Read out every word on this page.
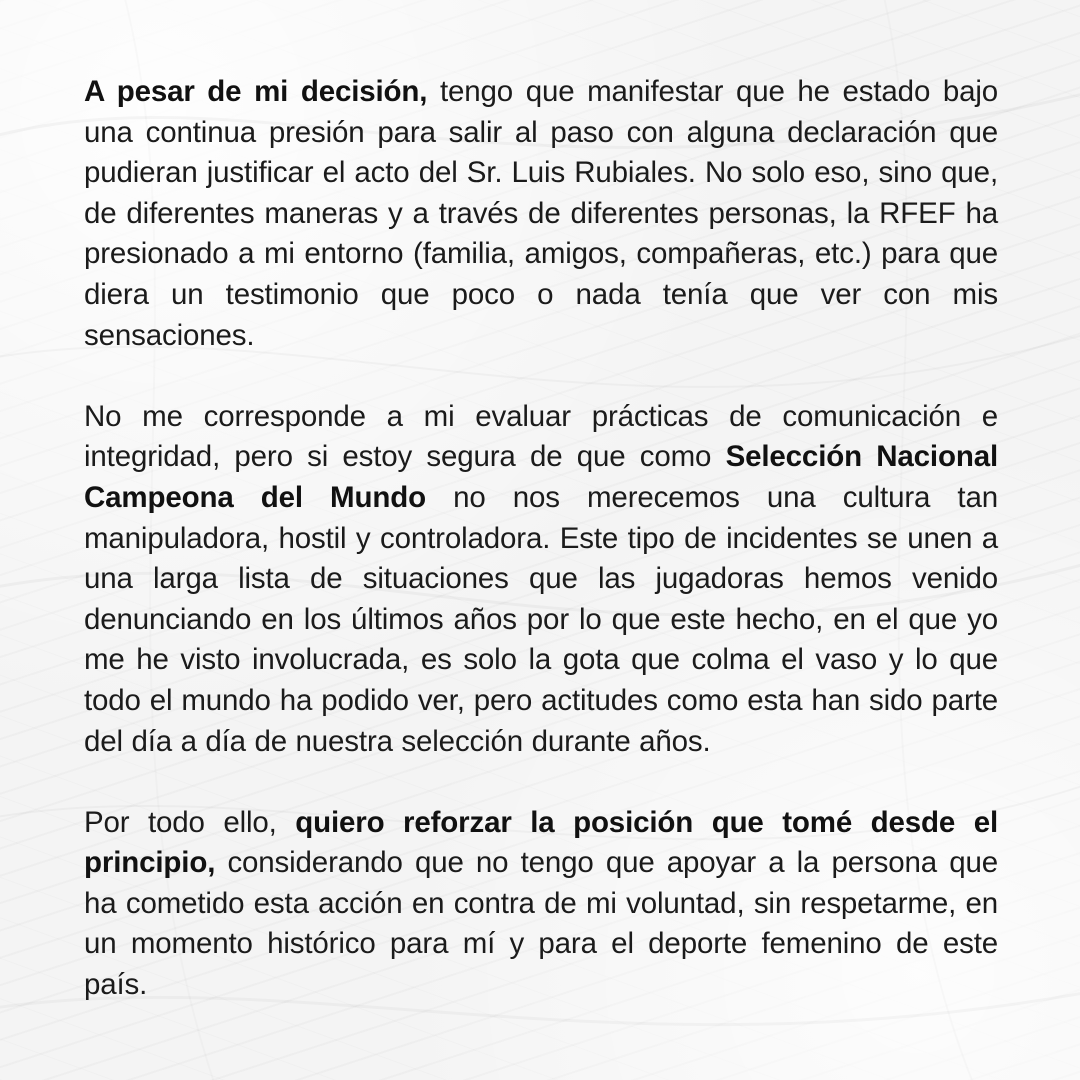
A pesar de mi decisión, tengo que manifestar que he estado bajo una continua presión para salir al paso con alguna declaración que pudieran justificar el acto del Sr. Luis Rubiales. No solo eso, sino que, de diferentes maneras y a través de diferentes personas, la RFEF ha presionado a mi entorno (familia, amigos, compañeras, etc.) para que diera un testimonio que poco o nada tenía que ver con mis sensaciones.

No me corresponde a mi evaluar prácticas de comunicación e integridad, pero si estoy segura de que como Selección Nacional Campeona del Mundo no nos merecemos una cultura tan manipuladora, hostil y controladora. Este tipo de incidentes se unen a una larga lista de situaciones que las jugadoras hemos venido denunciando en los últimos años por lo que este hecho, en el que yo me he visto involucrada, es solo la gota que colma el vaso y lo que todo el mundo ha podido ver, pero actitudes como esta han sido parte del día a día de nuestra selección durante años.

Por todo ello, quiero reforzar la posición que tomé desde el principio, considerando que no tengo que apoyar a la persona que ha cometido esta acción en contra de mi voluntad, sin respetarme, en un momento histórico para mí y para el deporte femenino de este país.
